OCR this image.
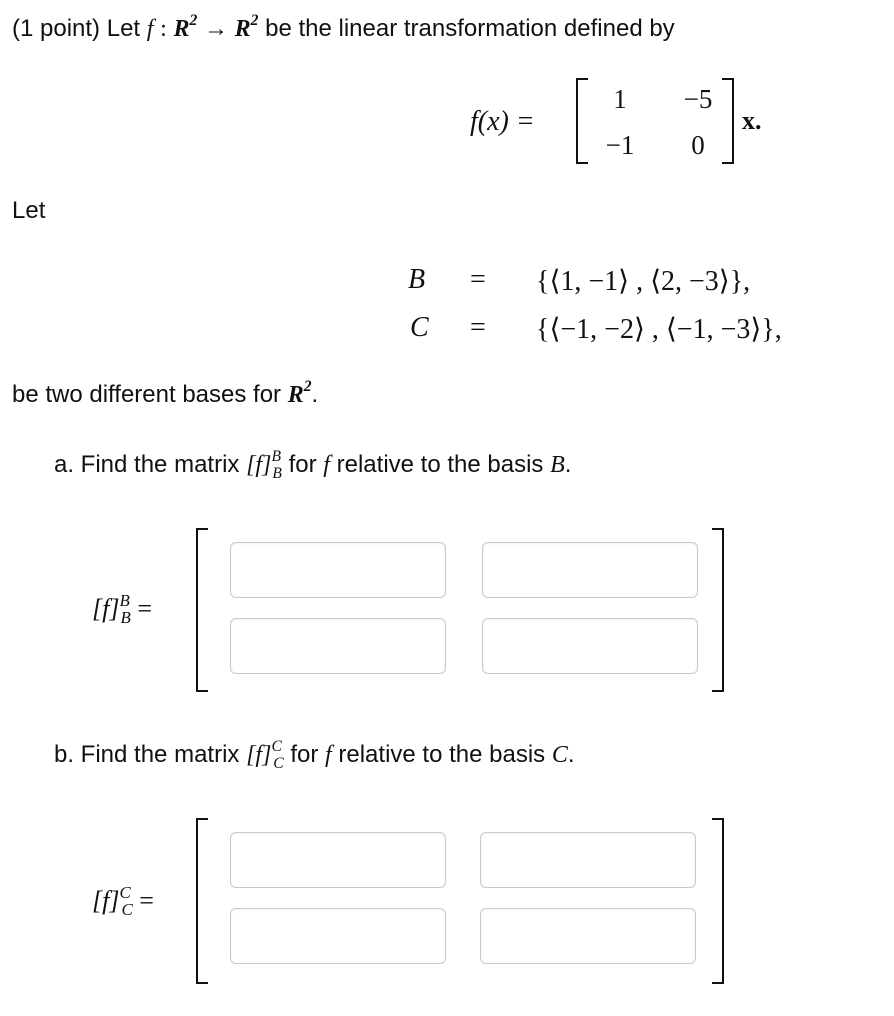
(1 point) Let f : $R^2 \to R^2$ be the linear transformation defined by
f(x) =
1	−5
−1	0
x.
Let
B = {⟨1, −1⟩ , ⟨2, −3⟩},
C = {⟨−1, −2⟩ , ⟨−1, −3⟩},
be two different bases for $R^2$.
a. Find the matrix $[f]^B_B$ for f relative to the basis B.
$[f]^B_B$ =
b. Find the matrix $[f]^C_C$ for f relative to the basis C.
$[f]^C_C$ =
